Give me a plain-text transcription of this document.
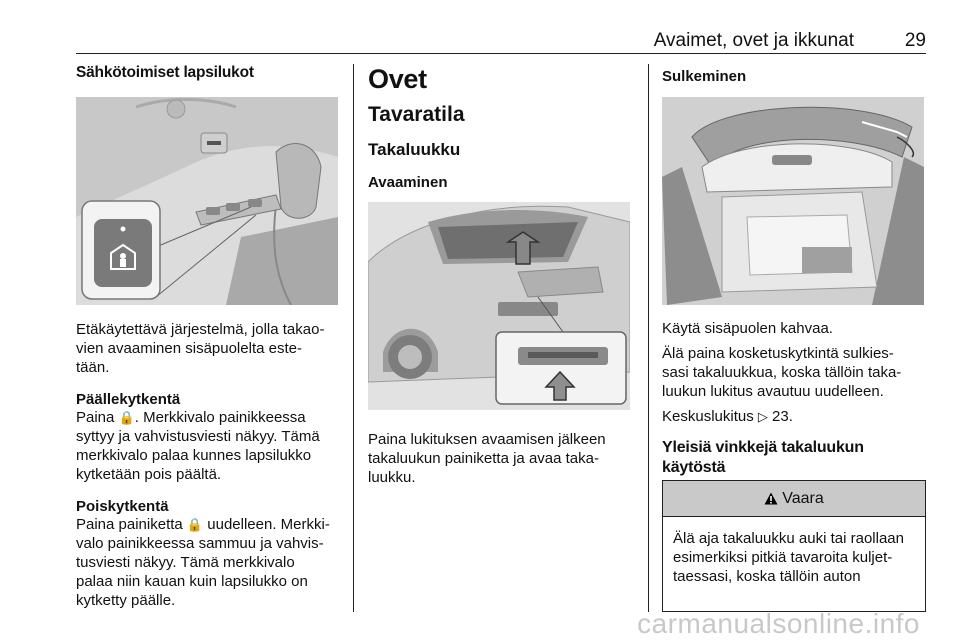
Avaimet, ovet ja ikkunat	29
Sähkötoimiset lapsilukot
Etäkäytettävä järjestelmä, jolla takao-
vien avaaminen sisäpuolelta este-
tään.
Päällekytkentä
Paina 🔒. Merkkivalo painikkeessa
syttyy ja vahvistusviesti näkyy. Tämä
merkkivalo palaa kunnes lapsilukko
kytketään pois päältä.
Poiskytkentä
Paina painiketta 🔒 uudelleen. Merkki-
valo painikkeessa sammuu ja vahvis-
tusviesti näkyy. Tämä merkkivalo
palaa niin kauan kuin lapsilukko on
kytketty päälle.
Ovet
Tavaratila
Takaluukku
Avaaminen
Paina lukituksen avaamisen jälkeen
takaluukun painiketta ja avaa taka-
luukku.
Sulkeminen
Käytä sisäpuolen kahvaa.
Älä paina kosketuskytkintä sulkies-
sasi takaluukkua, koska tällöin taka-
luukun lukitus avautuu uudelleen.
Keskuslukitus ▷ 23.
Yleisiä vinkkejä takaluukun
käytöstä
Vaara
Älä aja takaluukku auki tai raollaan
esimerkiksi pitkiä tavaroita kuljet-
taessasi, koska tällöin auton
carmanualsonline.info
